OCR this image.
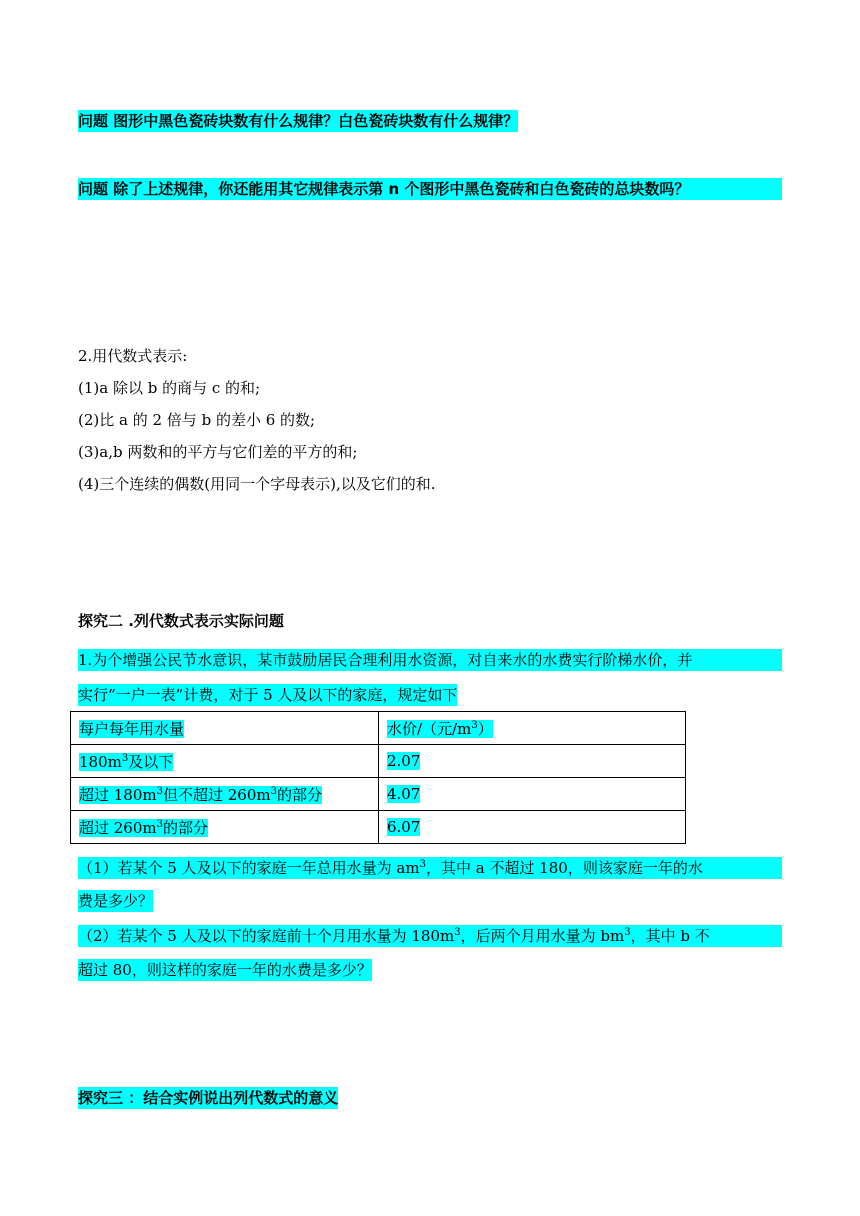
问题 图形中黑色瓷砖块数有什么规律？白色瓷砖块数有什么规律？
问题 除了上述规律，你还能用其它规律表示第 n 个图形中黑色瓷砖和白色瓷砖的总块数吗？
2.用代数式表示:
(1)a 除以 b 的商与 c 的和;
(2)比 a 的 2 倍与 b 的差小 6 的数;
(3)a,b 两数和的平方与它们差的平方的和;
(4)三个连续的偶数(用同一个字母表示),以及它们的和.
探究二 .列代数式表示实际问题
1.为个增强公民节水意识，某市鼓励居民合理利用水资源，对自来水的水费实行阶梯水价，并
实行“一户一表”计费，对于 5 人及以下的家庭，规定如下
每户每年用水量	水价/（元$/m^3$）
$180m^3$及以下	2.07
超过 $180m^3$但不超过 $260m^3$的部分	4.07
超过 $260m^3$的部分	6.07
（1）若某个 5 人及以下的家庭一年总用水量为 $am^3$，其中 a 不超过 180，则该家庭一年的水
费是多少？
（2）若某个 5 人及以下的家庭前十个月用水量为 $180m^3$，后两个月用水量为 $bm^3$，其中 b 不
超过 80，则这样的家庭一年的水费是多少？
探究三 ：结合实例说出列代数式的意义
